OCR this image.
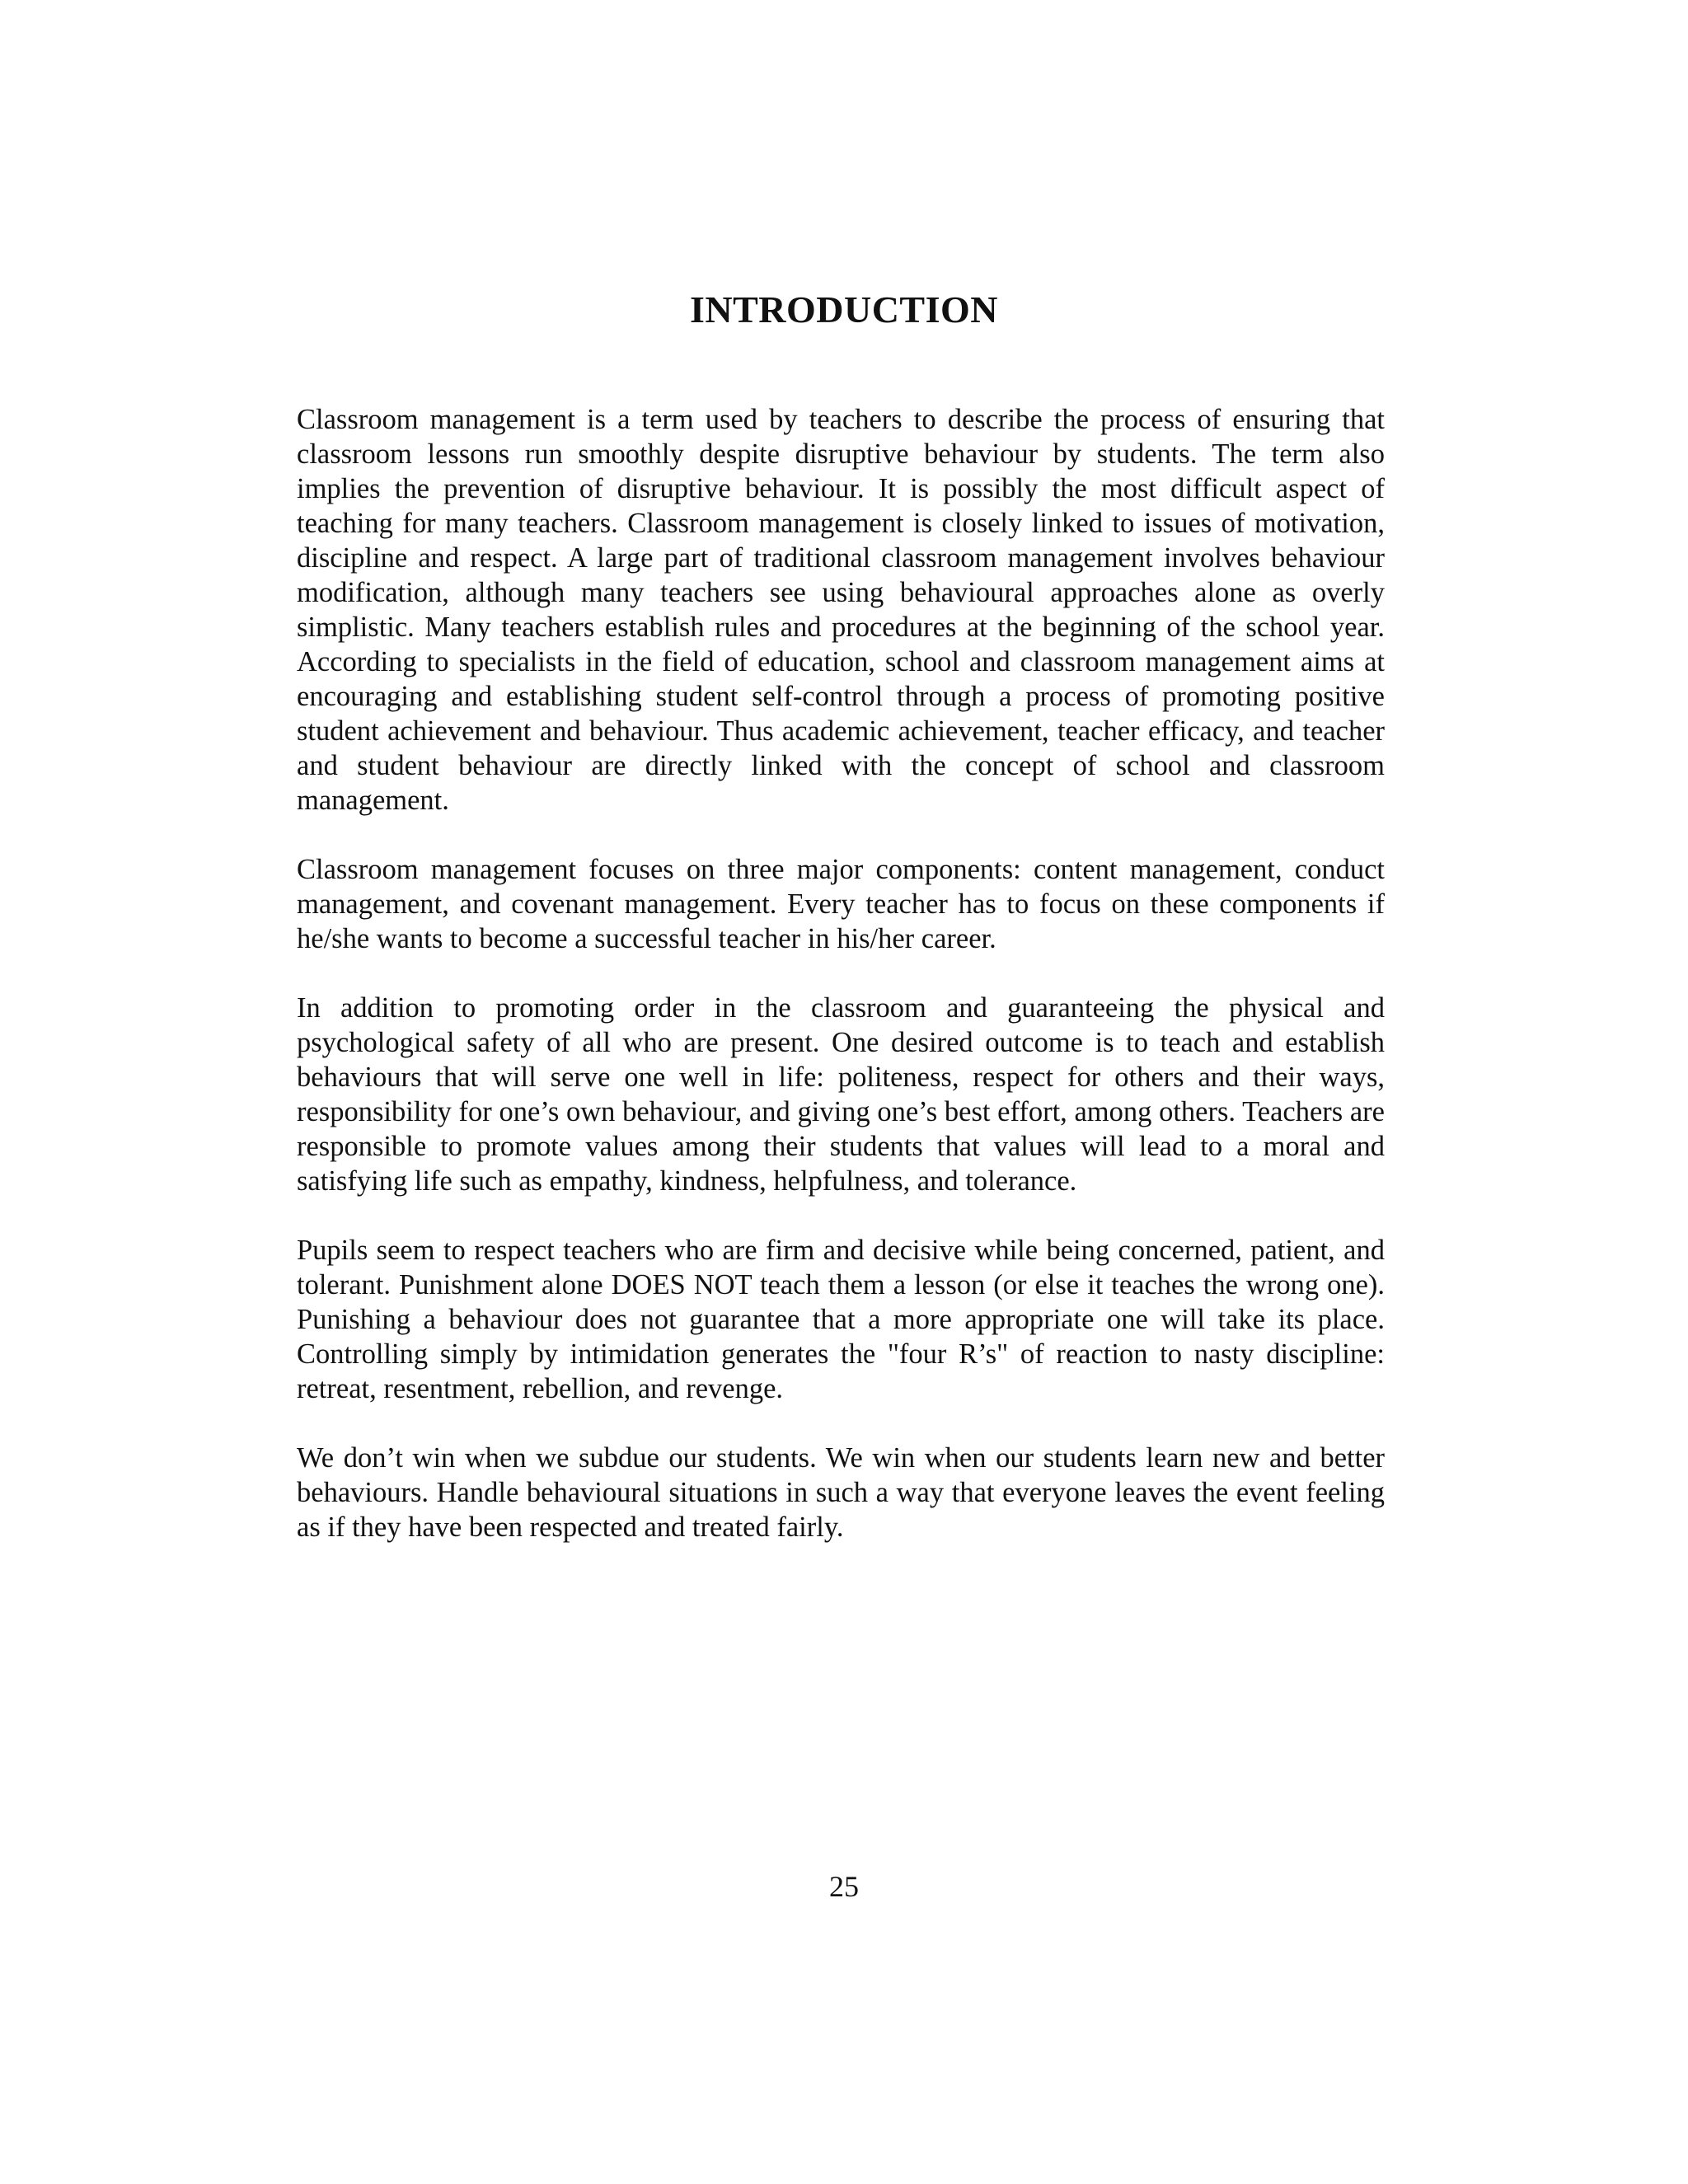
INTRODUCTION

Classroom management is a term used by teachers to describe the process of ensuring that classroom lessons run smoothly despite disruptive behaviour by students. The term also implies the prevention of disruptive behaviour. It is possibly the most difficult aspect of teaching for many teachers. Classroom management is closely linked to issues of motivation, discipline and respect. A large part of traditional classroom management involves behaviour modification, although many teachers see using behavioural approaches alone as overly simplistic. Many teachers establish rules and procedures at the beginning of the school year. According to specialists in the field of education, school and classroom management aims at encouraging and establishing student self-control through a process of promoting positive student achievement and behaviour. Thus academic achievement, teacher efficacy, and teacher and student behaviour are directly linked with the concept of school and classroom management.

Classroom management focuses on three major components: content management, conduct management, and covenant management. Every teacher has to focus on these components if he/she wants to become a successful teacher in his/her career.

In addition to promoting order in the classroom and guaranteeing the physical and psychological safety of all who are present. One desired outcome is to teach and establish behaviours that will serve one well in life: politeness, respect for others and their ways, responsibility for one’s own behaviour, and giving one’s best effort, among others. Teachers are responsible to promote values among their students that values will lead to a moral and satisfying life such as empathy, kindness, helpfulness, and tolerance.

Pupils seem to respect teachers who are firm and decisive while being concerned, patient, and tolerant. Punishment alone DOES NOT teach them a lesson (or else it teaches the wrong one). Punishing a behaviour does not guarantee that a more appropriate one will take its place. Controlling simply by intimidation generates the "four R’s" of reaction to nasty discipline: retreat, resentment, rebellion, and revenge.

We don’t win when we subdue our students. We win when our students learn new and better behaviours. Handle behavioural situations in such a way that everyone leaves the event feeling as if they have been respected and treated fairly.

25
